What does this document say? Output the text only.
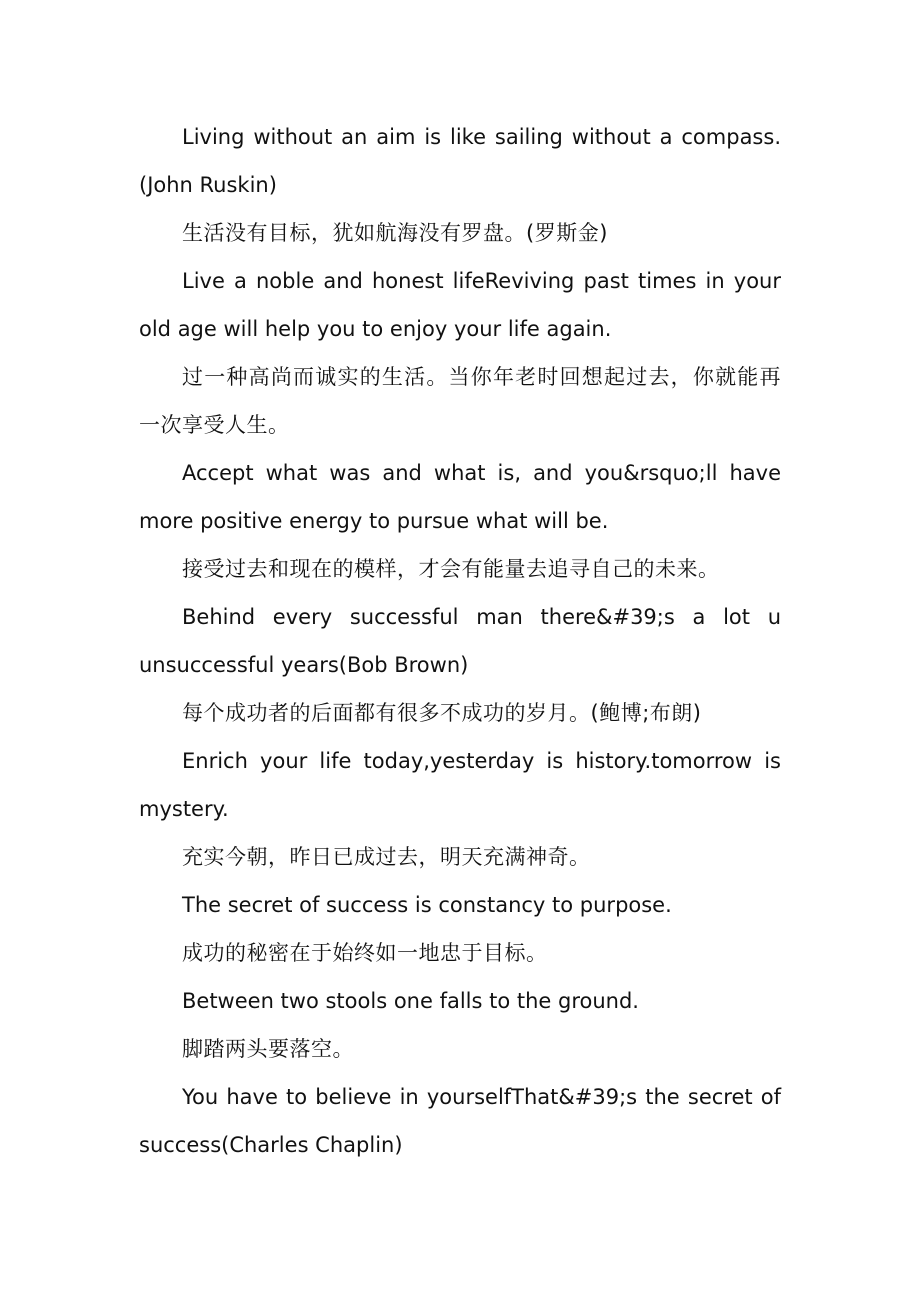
Living without an aim is like sailing without a compass.(John Ruskin)

生活没有目标，犹如航海没有罗盘。(罗斯金)

Live a noble and honest lifeReviving past times in your old age will help you to enjoy your life again.

过一种高尚而诚实的生活。当你年老时回想起过去，你就能再一次享受人生。

Accept what was and what is, and you&rsquo;ll have more positive energy to pursue what will be.

接受过去和现在的模样，才会有能量去追寻自己的未来。

Behind every successful man there&#39;s a lot u unsuccessful years(Bob Brown)

每个成功者的后面都有很多不成功的岁月。(鲍博;布朗)

Enrich your life today,yesterday is history.tomorrow is mystery.

充实今朝，昨日已成过去，明天充满神奇。

The secret of success is constancy to purpose.

成功的秘密在于始终如一地忠于目标。

Between two stools one falls to the ground.

脚踏两头要落空。

You have to believe in yourselfThat&#39;s the secret of success(Charles Chaplin)
